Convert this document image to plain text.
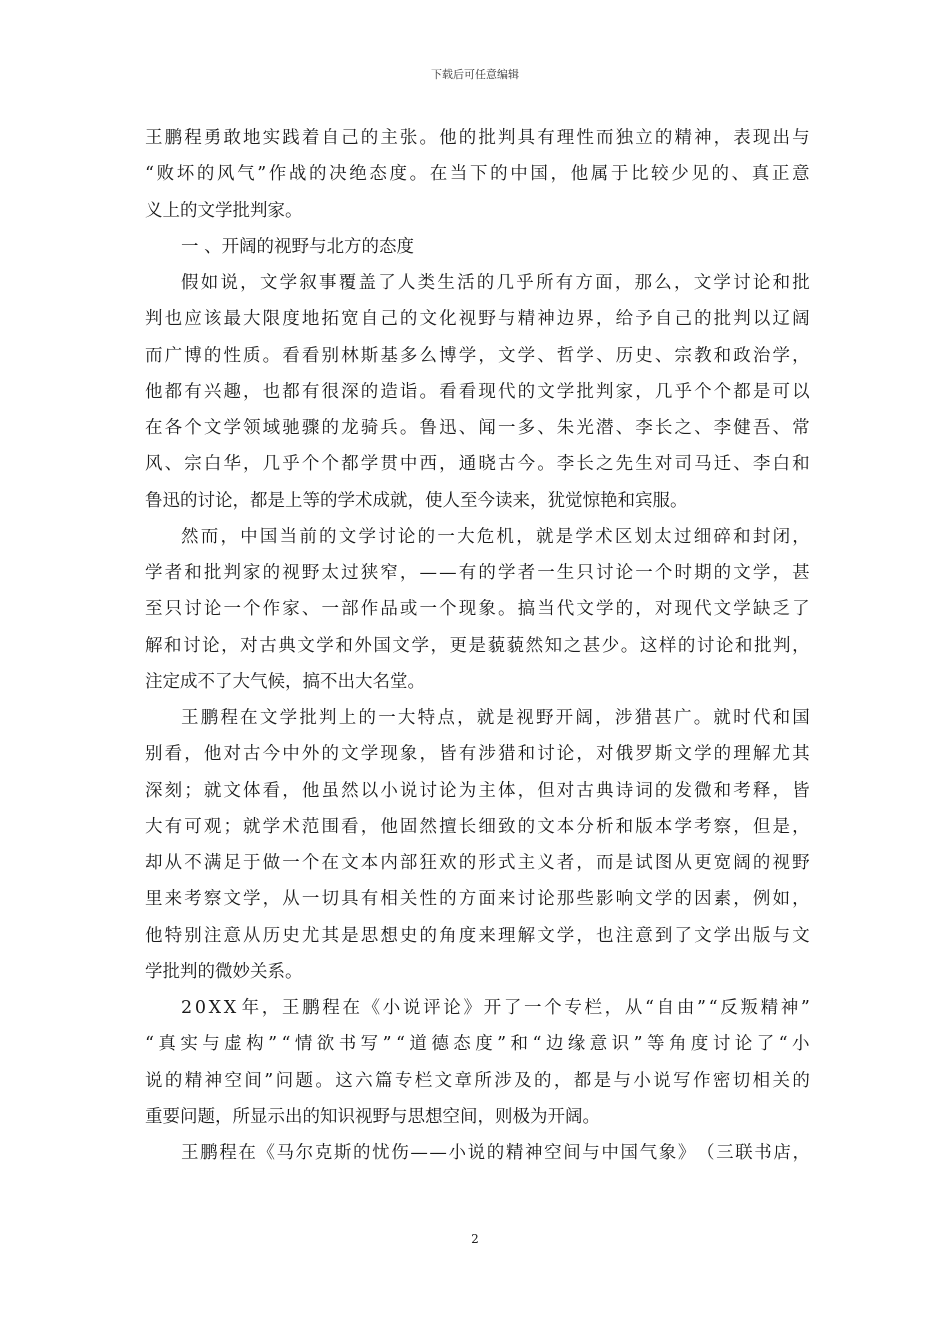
下载后可任意编辑
王 鹏 程 勇 敢 地 实 践 着 自 己 的 主 张 。 他 的 批 判 具 有 理 性 而 独 立 的 精 神 ， 表 现 出 与
“ 败 坏 的 风 气 ” 作 战 的 决 绝 态 度 。 在 当 下 的 中 国 ， 他 属 于 比 较 少 见 的 、 真 正 意
义上的文学批判家。
一 、开阔的视野与北方的态度
假 如 说 ， 文 学 叙 事 覆 盖 了 人 类 生 活 的 几 乎 所 有 方 面 ， 那 么 ， 文 学 讨 论 和 批
判 也 应 该 最 大 限 度 地 拓 宽 自 己 的 文 化 视 野 与 精 神 边 界 ， 给 予 自 己 的 批 判 以 辽 阔
而 广 博 的 性 质 。 看 看 别 林 斯 基 多 么 博 学 ， 文 学 、 哲 学 、 历 史 、 宗 教 和 政 治 学 ，
他 都 有 兴 趣 ， 也 都 有 很 深 的 造 诣 。 看 看 现 代 的 文 学 批 判 家 ， 几 乎 个 个 都 是 可 以
在 各 个 文 学 领 域 驰 骤 的 龙 骑 兵 。 鲁 迅 、 闻 一 多 、 朱 光 潜 、 李 长 之 、 李 健 吾 、 常
风 、 宗 白 华 ， 几 乎 个 个 都 学 贯 中 西 ， 通 晓 古 今 。 李 长 之 先 生 对 司 马 迁 、 李 白 和
鲁迅的讨论，都是上等的学术成就，使人至今读来，犹觉惊艳和宾服。
然 而 ， 中 国 当 前 的 文 学 讨 论 的 一 大 危 机 ， 就 是 学 术 区 划 太 过 细 碎 和 封 闭 ，
学 者 和 批 判 家 的 视 野 太 过 狭 窄 ， — — 有 的 学 者 一 生 只 讨 论 一 个 时 期 的 文 学 ， 甚
至 只 讨 论 一 个 作 家 、 一 部 作 品 或 一 个 现 象 。 搞 当 代 文 学 的 ， 对 现 代 文 学 缺 乏 了
解 和 讨 论 ， 对 古 典 文 学 和 外 国 文 学 ， 更 是 藐 藐 然 知 之 甚 少 。 这 样 的 讨 论 和 批 判 ，
注定成不了大气候，搞不出大名堂。
王 鹏 程 在 文 学 批 判 上 的 一 大 特 点 ， 就 是 视 野 开 阔 ， 涉 猎 甚 广 。 就 时 代 和 国
别 看 ， 他 对 古 今 中 外 的 文 学 现 象 ， 皆 有 涉 猎 和 讨 论 ， 对 俄 罗 斯 文 学 的 理 解 尤 其
深 刻 ； 就 文 体 看 ， 他 虽 然 以 小 说 讨 论 为 主 体 ， 但 对 古 典 诗 词 的 发 微 和 考 释 ， 皆
大 有 可 观 ； 就 学 术 范 围 看 ， 他 固 然 擅 长 细 致 的 文 本 分 析 和 版 本 学 考 察 ， 但 是 ，
却 从 不 满 足 于 做 一 个 在 文 本 内 部 狂 欢 的 形 式 主 义 者 ， 而 是 试 图 从 更 宽 阔 的 视 野
里 来 考 察 文 学 ， 从 一 切 具 有 相 关 性 的 方 面 来 讨 论 那 些 影 响 文 学 的 因 素 ， 例 如 ，
他 特 别 注 意 从 历 史 尤 其 是 思 想 史 的 角 度 来 理 解 文 学 ， 也 注 意 到 了 文 学 出 版 与 文
学批判的微妙关系。
2 0 X X 年 ， 王 鹏 程 在 《 小 说 评 论 》 开 了 一 个 专 栏 ， 从 “ 自 由 ” “ 反 叛 精 神 ”
“ 真 实 与 虚 构 ” “ 情 欲 书 写 ” “ 道 德 态 度 ” 和 “ 边 缘 意 识 ” 等 角 度 讨 论 了 “ 小
说 的 精 神 空 间 ” 问 题 。 这 六 篇 专 栏 文 章 所 涉 及 的 ， 都 是 与 小 说 写 作 密 切 相 关 的
重要问题，所显示出的知识视野与思想空间，则极为开阔。
王 鹏 程 在 《 马 尔 克 斯 的 忧 伤 — — 小 说 的 精 神 空 间 与 中 国 气 象 》 （ 三 联 书 店 ，
2
